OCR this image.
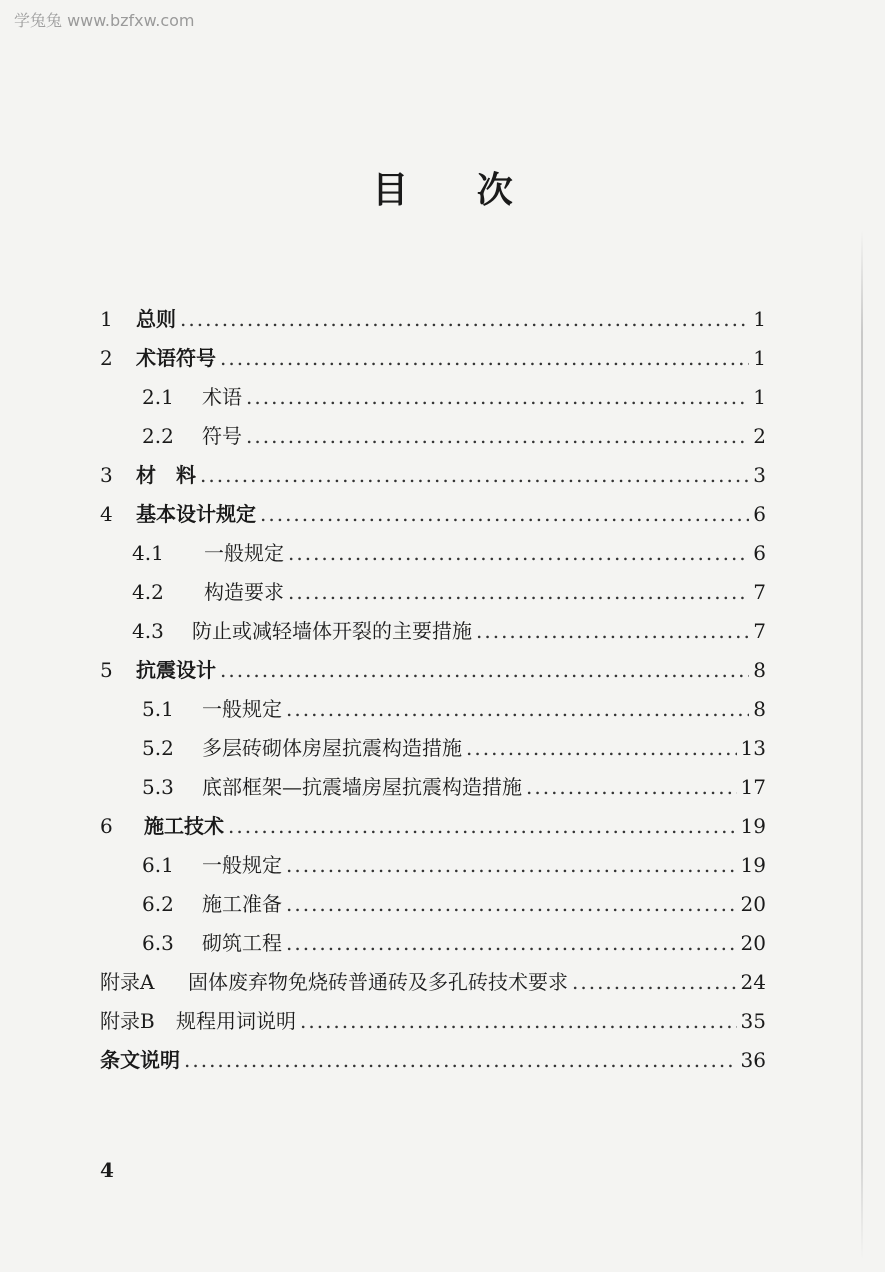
学兔兔 www.bzfxw.com
目 次
1	总则 .....	1
2	术语符号 .....	1
2.1	术语 .....	1
2.2	符号 .....	2
3	材　料 .....	3
4	基本设计规定 .....	6
4.1	一般规定 .....	6
4.2	构造要求 .....	7
4.3	防止或减轻墙体开裂的主要措施 .....	7
5	抗震设计 .....	8
5.1	一般规定 .....	8
5.2	多层砖砌体房屋抗震构造措施 .....	13
5.3	底部框架—抗震墙房屋抗震构造措施 .....	17
6	施工技术 .....	19
6.1	一般规定 .....	19
6.2	施工准备 .....	20
6.3	砌筑工程 .....	20
附录A	固体废弃物免烧砖普通砖及多孔砖技术要求 .....	24
附录B	规程用词说明 .....	35
条文说明 .....	36
4
